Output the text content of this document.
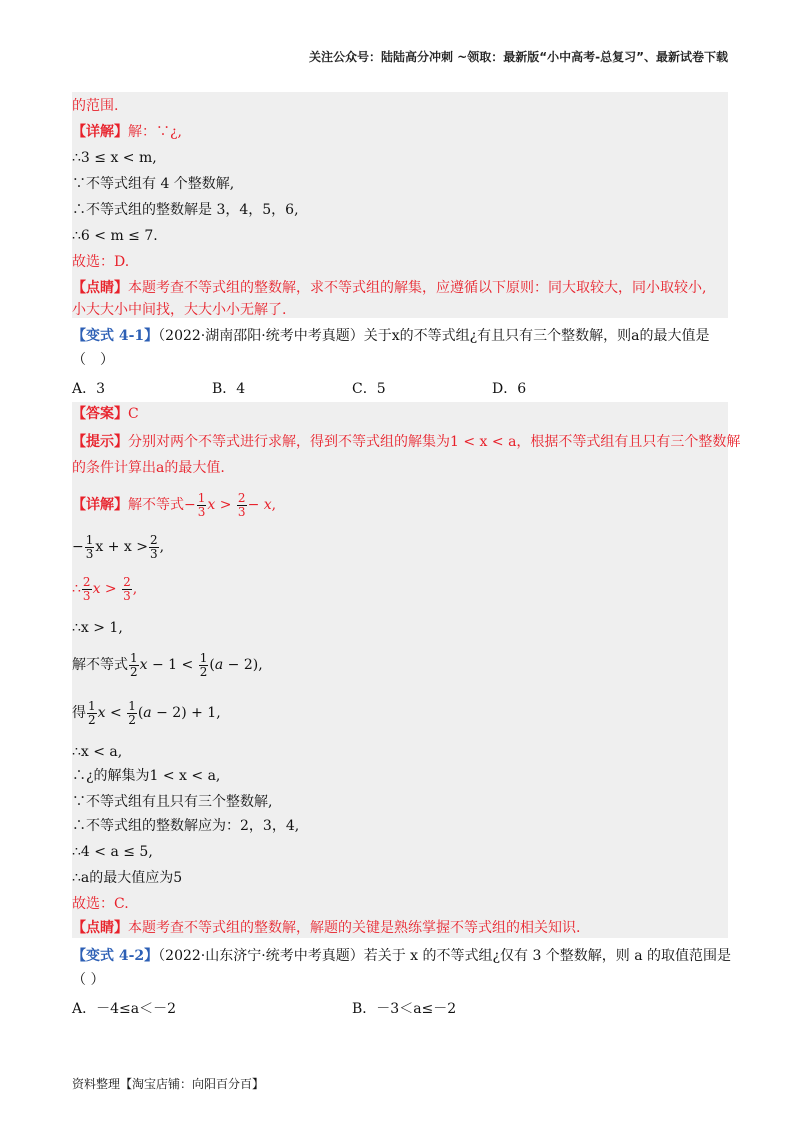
关注公众号：陆陆高分冲刺 ~领取：最新版“小中高考-总复习”、最新试卷下载
的范围.
【详解】解：∵¿,
∴3 ≤ x < m,
∵不等式组有 4 个整数解,
∴不等式组的整数解是 3，4，5，6,
∴6 < m ≤ 7.
故选：D.
【点睛】本题考查不等式组的整数解，求不等式组的解集，应遵循以下原则：同大取较大，同小取较小,
小大大小中间找，大大小小无解了.
【变式 4-1】（2022·湖南邵阳·统考中考真题）关于x的不等式组¿有且只有三个整数解，则a的最大值是
（　）
A．3	B．4	C．5	D．6
【答案】C
【提示】分别对两个不等式进行求解，得到不等式组的解集为1 < x < a，根据不等式组有且只有三个整数解
的条件计算出a的最大值.
【详解】解不等式− $\frac{1}{3}$ $x > \frac{2}{3} - x$,
− $\frac{1}{3}$ $x + x > \frac{2}{3}$ ,
∴ $\frac{2}{3}$ $x > \frac{2}{3}$ ,
∴x > 1,
解不等式 $\frac{1}{2}$ $x - 1 < \frac{1}{2} (a - 2)$,
得 $\frac{1}{2}$ $x < \frac{1}{2} (a - 2) + 1$,
∴x < a,
∴¿的解集为1 < x < a,
∵不等式组有且只有三个整数解,
∴不等式组的整数解应为：2，3，4,
∴4 < a ≤ 5,
∴a的最大值应为5
故选：C.
【点睛】本题考查不等式组的整数解，解题的关键是熟练掌握不等式组的相关知识.
【变式 4-2】（2022·山东济宁·统考中考真题）若关于 x 的不等式组¿仅有 3 个整数解，则 a 的取值范围是
（ ）
A．－4≤a＜－2	B．－3＜a≤－2
资料整理【淘宝店铺：向阳百分百】
